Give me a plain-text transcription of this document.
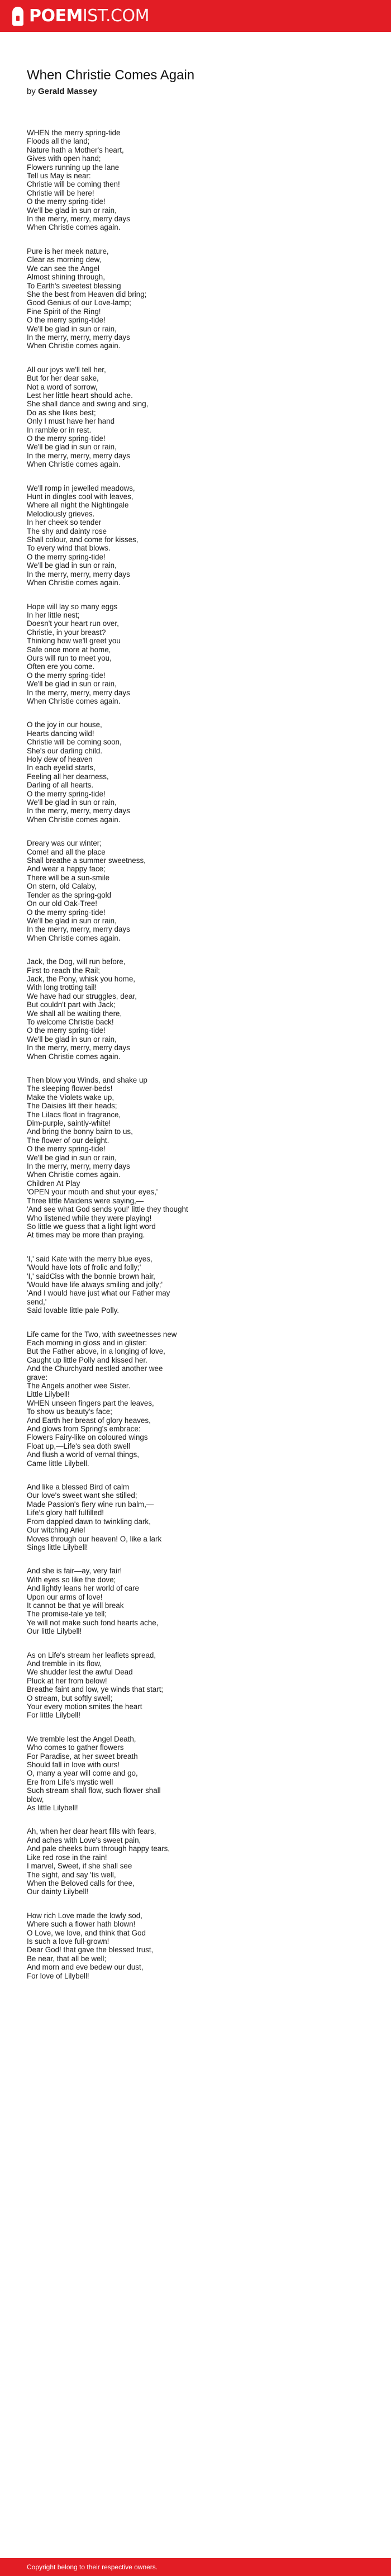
POEMIST.COM
When Christie Comes Again
by Gerald Massey
WHEN the merry spring-tide
Floods all the land;
Nature hath a Mother's heart,
Gives with open hand;
Flowers running up the lane
Tell us May is near:
Christie will be coming then!
Christie will be here!
O the merry spring-tide!
We'll be glad in sun or rain,
In the merry, merry, merry days
When Christie comes again.
Pure is her meek nature,
Clear as morning dew,
We can see the Angel
Almost shining through,
To Earth's sweetest blessing
She the best from Heaven did bring;
Good Genius of our Love-lamp;
Fine Spirit of the Ring!
O the merry spring-tide!
We'll be glad in sun or rain,
In the merry, merry, merry days
When Christie comes again.
All our joys we'll tell her,
But for her dear sake,
Not a word of sorrow,
Lest her little heart should ache.
She shall dance and swing and sing,
Do as she likes best;
Only I must have her hand
In ramble or in rest.
O the merry spring-tide!
We'll be glad in sun or rain,
In the merry, merry, merry days
When Christie comes again.
We'll romp in jewelled meadows,
Hunt in dingles cool with leaves,
Where all night the Nightingale
Melodiously grieves.
In her cheek so tender
The shy and dainty rose
Shall colour, and come for kisses,
To every wind that blows.
O the merry spring-tide!
We'll be glad in sun or rain,
In the merry, merry, merry days
When Christie comes again.
Hope will lay so many eggs
In her little nest;
Doesn't your heart run over,
Christie, in your breast?
Thinking how we'll greet you
Safe once more at home,
Ours will run to meet you,
Often ere you come.
O the merry spring-tide!
We'll be glad in sun or rain,
In the merry, merry, merry days
When Christie comes again.
O the joy in our house,
Hearts dancing wild!
Christie will be coming soon,
She's our darling child.
Holy dew of heaven
In each eyelid starts,
Feeling all her dearness,
Darling of all hearts.
O the merry spring-tide!
We'll be glad in sun or rain,
In the merry, merry, merry days
When Christie comes again.
Dreary was our winter;
Come! and all the place
Shall breathe a summer sweetness,
And wear a happy face;
There will be a sun-smile
On stern, old Calaby,
Tender as the spring-gold
On our old Oak-Tree!
O the merry spring-tide!
We'll be glad in sun or rain,
In the merry, merry, merry days
When Christie comes again.
Jack, the Dog, will run before,
First to reach the Rail;
Jack, the Pony, whisk you home,
With long trotting tail!
We have had our struggles, dear,
But couldn't part with Jack;
We shall all be waiting there,
To welcome Christie back!
O the merry spring-tide!
We'll be glad in sun or rain,
In the merry, merry, merry days
When Christie comes again.
Then blow you Winds, and shake up
The sleeping flower-beds!
Make the Violets wake up,
The Daisies lift their heads;
The Lilacs float in fragrance,
Dim-purple, saintly-white!
And bring the bonny bairn to us,
The flower of our delight.
O the merry spring-tide!
We'll be glad in sun or rain,
In the merry, merry, merry days
When Christie comes again.
Children At Play
'OPEN your mouth and shut your eyes,'
Three little Maidens were saying,—
'And see what God sends you!' little they thought
Who listened while they were playing!
So little we guess that a light light word
At times may be more than praying.
'I,' said Kate with the merry blue eyes,
'Would have lots of frolic and folly;'
'I,' saidCiss with the bonnie brown hair,
'Would have life always smiling and jolly;'
'And I would have just what our Father may
send,'
Said lovable little pale Polly.
Life came for the Two, with sweetnesses new
Each morning in gloss and in glister:
But the Father above, in a longing of love,
Caught up little Polly and kissed her.
And the Churchyard nestled another wee
grave:
The Angels another wee Sister.
Little Lilybell!
WHEN unseen fingers part the leaves,
To show us beauty's face;
And Earth her breast of glory heaves,
And glows from Spring's embrace:
Flowers Fairy-like on coloured wings
Float up,—Life's sea doth swell
And flush a world of vernal things,
Came little Lilybell.
And like a blessed Bird of calm
Our love's sweet want she stilled;
Made Passion's fiery wine run balm,—
Life's glory half fulfilled!
From dappled dawn to twinkling dark,
Our witching Ariel
Moves through our heaven! O, like a lark
Sings little Lilybell!
And she is fair—ay, very fair!
With eyes so like the dove;
And lightly leans her world of care
Upon our arms of love!
It cannot be that ye will break
The promise-tale ye tell;
Ye will not make such fond hearts ache,
Our little Lilybell!
As on Life's stream her leaflets spread,
And tremble in its flow,
We shudder lest the awful Dead
Pluck at her from below!
Breathe faint and low, ye winds that start;
O stream, but softly swell;
Your every motion smites the heart
For little Lilybell!
We tremble lest the Angel Death,
Who comes to gather flowers
For Paradise, at her sweet breath
Should fall in love with ours!
O, many a year will come and go,
Ere from Life's mystic well
Such stream shall flow, such flower shall
blow,
As little Lilybell!
Ah, when her dear heart fills with fears,
And aches with Love's sweet pain,
And pale cheeks burn through happy tears,
Like red rose in the rain!
I marvel, Sweet, if she shall see
The sight, and say 'tis well,
When the Beloved calls for thee,
Our dainty Lilybell!
How rich Love made the lowly sod,
Where such a flower hath blown!
O Love, we love, and think that God
Is such a love full-grown!
Dear God! that gave the blessed trust,
Be near, that all be well;
And morn and eve bedew our dust,
For love of Lilybell!
Copyright belong to their respective owners.
